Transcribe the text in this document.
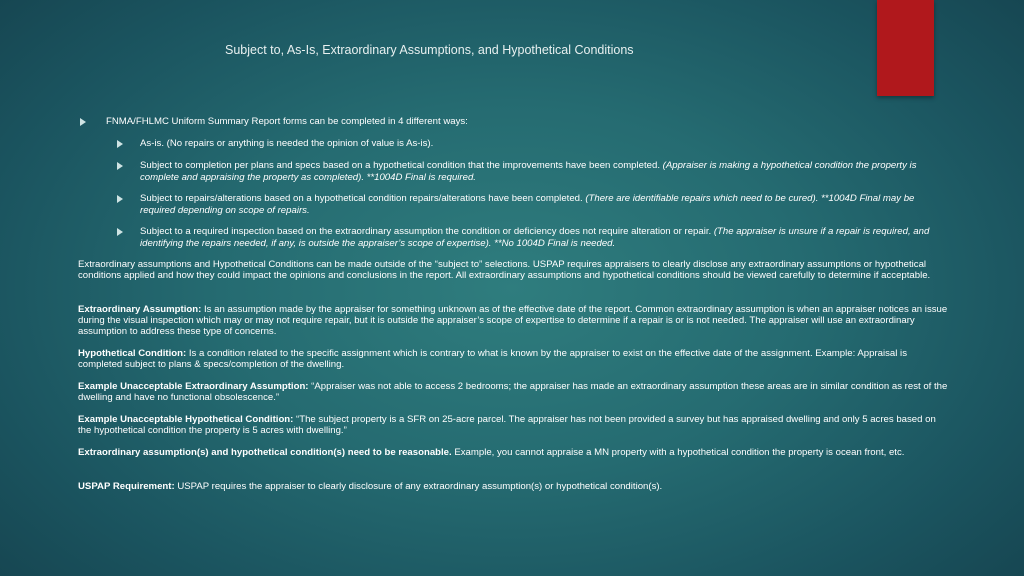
Subject to, As-Is, Extraordinary Assumptions, and Hypothetical Conditions
FNMA/FHLMC Uniform Summary Report forms can be completed in 4 different ways:
As-is. (No repairs or anything is needed the opinion of value is As-is).
Subject to completion per plans and specs based on a hypothetical condition that the improvements have been completed. (Appraiser is making a hypothetical condition the property is complete and appraising the property as completed). **1004D Final is required.
Subject to repairs/alterations based on a hypothetical condition repairs/alterations have been completed. (There are identifiable repairs which need to be cured). **1004D Final may be required depending on scope of repairs.
Subject to a required inspection based on the extraordinary assumption the condition or deficiency does not require alteration or repair. (The appraiser is unsure if a repair is required, and identifying the repairs needed, if any, is outside the appraiser’s scope of expertise). **No 1004D Final is needed.
Extraordinary assumptions and Hypothetical Conditions can be made outside of the “subject to” selections. USPAP requires appraisers to clearly disclose any extraordinary assumptions or hypothetical conditions applied and how they could impact the opinions and conclusions in the report. All extraordinary assumptions and hypothetical conditions should be viewed carefully to determine if acceptable.
Extraordinary Assumption: Is an assumption made by the appraiser for something unknown as of the effective date of the report. Common extraordinary assumption is when an appraiser notices an issue during the visual inspection which may or may not require repair, but it is outside the appraiser’s scope of expertise to determine if a repair is or is not needed. The appraiser will use an extraordinary assumption to address these type of concerns.
Hypothetical Condition: Is a condition related to the specific assignment which is contrary to what is known by the appraiser to exist on the effective date of the assignment. Example: Appraisal is completed subject to plans & specs/completion of the dwelling.
Example Unacceptable Extraordinary Assumption: “Appraiser was not able to access 2 bedrooms; the appraiser has made an extraordinary assumption these areas are in similar condition as rest of the dwelling and have no functional obsolescence.”
Example Unacceptable Hypothetical Condition: “The subject property is a SFR on 25-acre parcel. The appraiser has not been provided a survey but has appraised dwelling and only 5 acres based on the hypothetical condition the property is 5 acres with dwelling.”
Extraordinary assumption(s) and hypothetical condition(s) need to be reasonable. Example, you cannot appraise a MN property with a hypothetical condition the property is ocean front, etc.
USPAP Requirement: USPAP requires the appraiser to clearly disclosure of any extraordinary assumption(s) or hypothetical condition(s).
